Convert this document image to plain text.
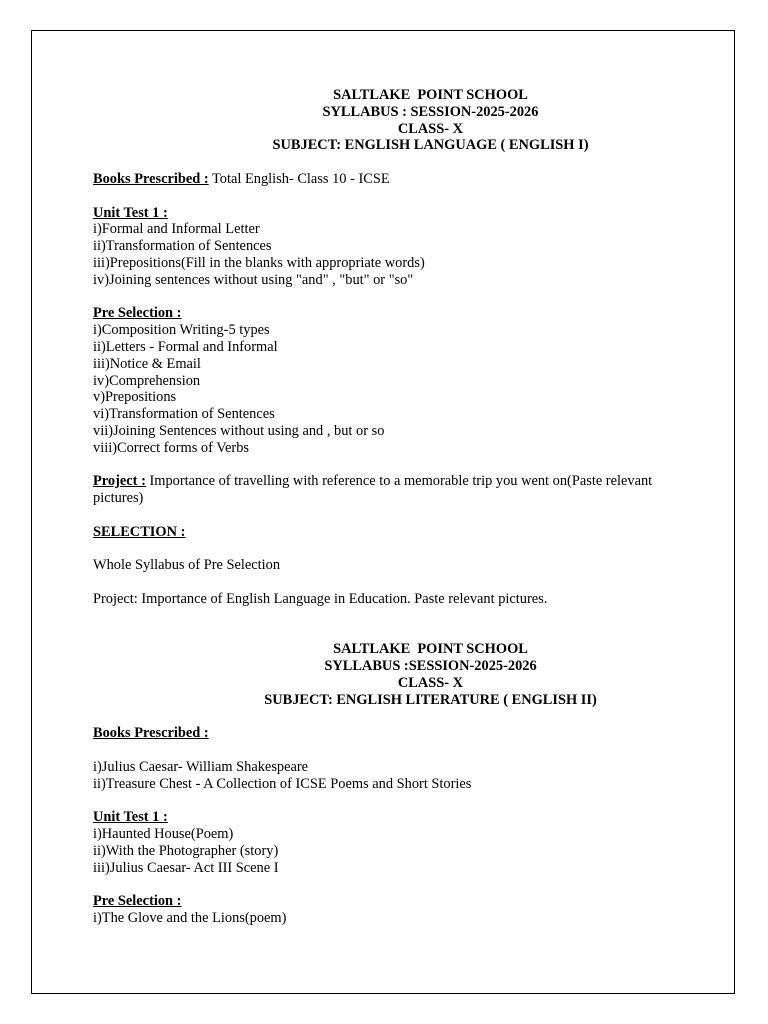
SALTLAKE  POINT SCHOOL
SYLLABUS : SESSION-2025-2026
CLASS- X
SUBJECT: ENGLISH LANGUAGE ( ENGLISH I)
Books Prescribed : Total English- Class 10 - ICSE
Unit Test 1 :
i)Formal and Informal Letter
ii)Transformation of Sentences
iii)Prepositions(Fill in the blanks with appropriate words)
iv)Joining sentences without using "and" , "but" or "so"
Pre Selection :
i)Composition Writing-5 types
ii)Letters - Formal and Informal
iii)Notice & Email
iv)Comprehension
v)Prepositions
vi)Transformation of Sentences
vii)Joining Sentences without using and , but or so
viii)Correct forms of Verbs
Project : Importance of travelling with reference to a memorable trip you went on(Paste relevant pictures)
SELECTION :
Whole Syllabus of Pre Selection
Project: Importance of English Language in Education. Paste relevant pictures.
SALTLAKE  POINT SCHOOL
SYLLABUS :SESSION-2025-2026
CLASS- X
SUBJECT: ENGLISH LITERATURE ( ENGLISH II)
Books Prescribed :
i)Julius Caesar- William Shakespeare
ii)Treasure Chest - A Collection of ICSE Poems and Short Stories
Unit Test 1 :
i)Haunted House(Poem)
ii)With the Photographer (story)
iii)Julius Caesar- Act III Scene I
Pre Selection :
i)The Glove and the Lions(poem)
